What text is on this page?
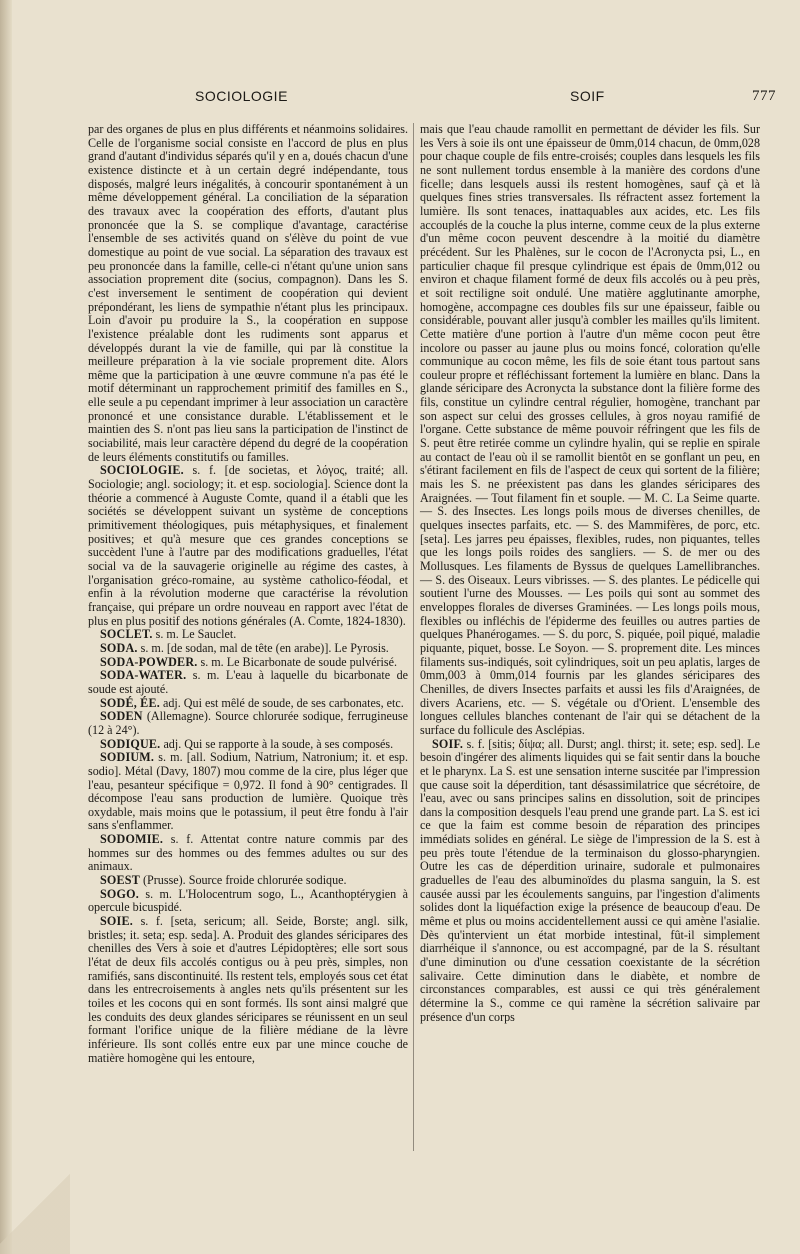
SOCIOLOGIE	SOIF	777

par des organes de plus en plus différents et néanmoins solidaires. Celle de l'organisme social consiste en l'accord de plus en plus grand d'autant d'individus séparés qu'il y en a, doués chacun d'une existence distincte et à un certain degré indépendante, tous disposés, malgré leurs inégalités, à concourir spontanément à un même développement général. La conciliation de la séparation des travaux avec la coopération des efforts, d'autant plus prononcée que la S. se complique d'avantage, caractérise l'ensemble de ses activités quand on s'élève du point de vue domestique au point de vue social. La séparation des travaux est peu prononcée dans la famille, celle-ci n'étant qu'une union sans association proprement dite (socius, compagnon). Dans les S. c'est inversement le sentiment de coopération qui devient prépondérant, les liens de sympathie n'étant plus les principaux. Loin d'avoir pu produire la S., la coopération en suppose l'existence préalable dont les rudiments sont apparus et développés durant la vie de famille, qui par là constitue la meilleure préparation à la vie sociale proprement dite. Alors même que la participation à une œuvre commune n'a pas été le motif déterminant un rapprochement primitif des familles en S., elle seule a pu cependant imprimer à leur association un caractère prononcé et une consistance durable. L'établissement et le maintien des S. n'ont pas lieu sans la participation de l'instinct de sociabilité, mais leur caractère dépend du degré de la coopération de leurs éléments constitutifs ou familles.

SOCIOLOGIE. s. f. [de societas, et λόγος, traité; all. Sociologie; angl. sociology; it. et esp. sociologia]. Science dont la théorie a commencé à Auguste Comte, quand il a établi que les sociétés se développent suivant un système de conceptions primitivement théologiques, puis métaphysiques, et finalement positives; et qu'à mesure que ces grandes conceptions se succèdent l'une à l'autre par des modifications graduelles, l'état social va de la sauvagerie originelle au régime des castes, à l'organisation gréco-romaine, au système catholico-féodal, et enfin à la révolution moderne que caractérise la révolution française, qui prépare un ordre nouveau en rapport avec l'état de plus en plus positif des notions générales (A. Comte, 1824-1830).

SOCLET. s. m. Le Sauclet.

SODA. s. m. [de sodan, mal de tête (en arabe)]. Le Pyrosis.

SODA-POWDER. s. m. Le Bicarbonate de soude pulvérisé.

SODA-WATER. s. m. L'eau à laquelle du bicarbonate de soude est ajouté.

SODÉ, ÉE. adj. Qui est mêlé de soude, de ses carbonates, etc.

SODEN (Allemagne). Source chlorurée sodique, ferrugineuse (12 à 24°).

SODIQUE. adj. Qui se rapporte à la soude, à ses composés.

SODIUM. s. m. [all. Sodium, Natrium, Natronium; it. et esp. sodio]. Métal (Davy, 1807) mou comme de la cire, plus léger que l'eau, pesanteur spécifique = 0,972. Il fond à 90° centigrades. Il décompose l'eau sans production de lumière. Quoique très oxydable, mais moins que le potassium, il peut être fondu à l'air sans s'enflammer.

SODOMIE. s. f. Attentat contre nature commis par des hommes sur des hommes ou des femmes adultes ou sur des animaux.

SOEST (Prusse). Source froide chlorurée sodique.

SOGO. s. m. L'Holocentrum sogo, L., Acanthoptérygien à opercule bicuspidé.

SOIE. s. f. [seta, sericum; all. Seide, Borste; angl. silk, bristles; it. seta; esp. seda]. A. Produit des glandes séricipares des chenilles des Vers à soie et d'autres Lépidoptères; elle sort sous l'état de deux fils accolés contigus ou à peu près, simples, non ramifiés, sans discontinuité. Ils restent tels, employés sous cet état dans les entrecroisements à angles nets qu'ils présentent sur les toiles et les cocons qui en sont formés. Ils sont ainsi malgré que les conduits des deux glandes séricipares se réunissent en un seul formant l'orifice unique de la filière médiane de la lèvre inférieure. Ils sont collés entre eux par une mince couche de matière homogène qui les entoure,

mais que l'eau chaude ramollit en permettant de dévider les fils. Sur les Vers à soie ils ont une épaisseur de 0mm,014 chacun, de 0mm,028 pour chaque couple de fils entre-croisés; couples dans lesquels les fils ne sont nullement tordus ensemble à la manière des cordons d'une ficelle; dans lesquels aussi ils restent homogènes, sauf çà et là quelques fines stries transversales. Ils réfractent assez fortement la lumière. Ils sont tenaces, inattaquables aux acides, etc. Les fils accouplés de la couche la plus interne, comme ceux de la plus externe d'un même cocon peuvent descendre à la moitié du diamètre précédent. Sur les Phalènes, sur le cocon de l'Acronycta psi, L., en particulier chaque fil presque cylindrique est épais de 0mm,012 ou environ et chaque filament formé de deux fils accolés ou à peu près, et soit rectiligne soit ondulé. Une matière agglutinante amorphe, homogène, accompagne ces doubles fils sur une épaisseur, faible ou considérable, pouvant aller jusqu'à combler les mailles qu'ils limitent. Cette matière d'une portion à l'autre d'un même cocon peut être incolore ou passer au jaune plus ou moins foncé, coloration qu'elle communique au cocon même, les fils de soie étant tous partout sans couleur propre et réfléchissant fortement la lumière en blanc. Dans la glande séricipare des Acronycta la substance dont la filière forme des fils, constitue un cylindre central régulier, homogène, tranchant par son aspect sur celui des grosses cellules, à gros noyau ramifié de l'organe. Cette substance de même pouvoir réfringent que les fils de S. peut être retirée comme un cylindre hyalin, qui se replie en spirale au contact de l'eau où il se ramollit bientôt en se gonflant un peu, en s'étirant facilement en fils de l'aspect de ceux qui sortent de la filière; mais les S. ne préexistent pas dans les glandes séricipares des Araignées. — Tout filament fin et souple. — M. C. La Seime quarte. — S. des Insectes. Les longs poils mous de diverses chenilles, de quelques insectes parfaits, etc. — S. des Mammifères, de porc, etc. [seta]. Les jarres peu épaisses, flexibles, rudes, non piquantes, telles que les longs poils roides des sangliers. — S. de mer ou des Mollusques. Les filaments de Byssus de quelques Lamellibranches. — S. des Oiseaux. Leurs vibrisses. — S. des plantes. Le pédicelle qui soutient l'urne des Mousses. — Les poils qui sont au sommet des enveloppes florales de diverses Graminées. — Les longs poils mous, flexibles ou infléchis de l'épiderme des feuilles ou autres parties de quelques Phanérogames. — S. du porc, S. piquée, poil piqué, maladie piquante, piquet, bosse. Le Soyon. — S. proprement dite. Les minces filaments sus-indiqués, soit cylindriques, soit un peu aplatis, larges de 0mm,003 à 0mm,014 fournis par les glandes séricipares des Chenilles, de divers Insectes parfaits et aussi les fils d'Araignées, de divers Acariens, etc. — S. végétale ou d'Orient. L'ensemble des longues cellules blanches contenant de l'air qui se détachent de la surface du follicule des Asclépias.

SOIF. s. f. [sitis; δίψα; all. Durst; angl. thirst; it. sete; esp. sed]. Le besoin d'ingérer des aliments liquides qui se fait sentir dans la bouche et le pharynx. La S. est une sensation interne suscitée par l'impression que cause soit la déperdition, tant désassimilatrice que sécrétoire, de l'eau, avec ou sans principes salins en dissolution, soit de principes dans la composition desquels l'eau prend une grande part. La S. est ici ce que la faim est comme besoin de réparation des principes immédiats solides en général. Le siège de l'impression de la S. est à peu près toute l'étendue de la terminaison du glosso-pharyngien. Outre les cas de déperdition urinaire, sudorale et pulmonaires graduelles de l'eau des albuminoïdes du plasma sanguin, la S. est causée aussi par les écoulements sanguins, par l'ingestion d'aliments solides dont la liquéfaction exige la présence de beaucoup d'eau. De même et plus ou moins accidentellement aussi ce qui amène l'asialie. Dès qu'intervient un état morbide intestinal, fût-il simplement diarrhéique il s'annonce, ou est accompagné, par de la S. résultant d'une diminution ou d'une cessation coexistante de la sécrétion salivaire. Cette diminution dans le diabète, et nombre de circonstances comparables, est aussi ce qui très généralement détermine la S., comme ce qui ramène la sécrétion salivaire par présence d'un corps
